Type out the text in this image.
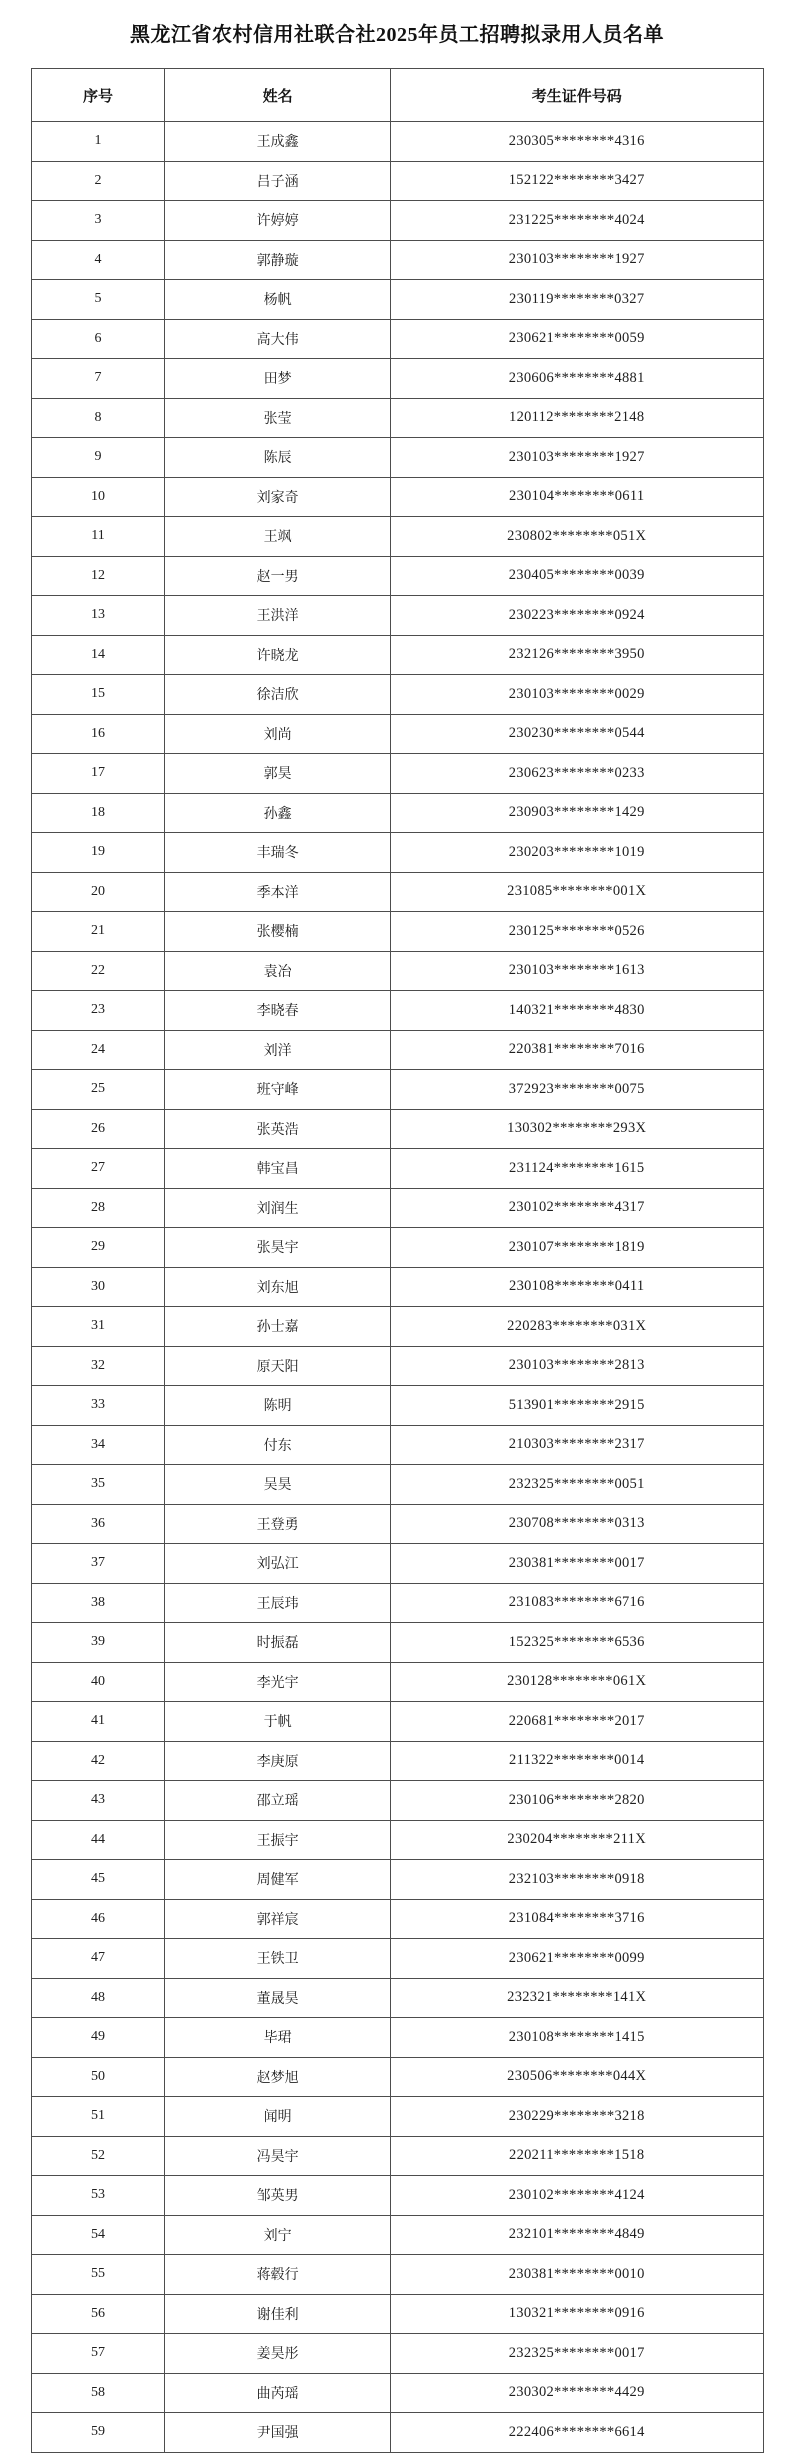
黑龙江省农村信用社联合社2025年员工招聘拟录用人员名单
序号	姓名	考生证件号码
1	王成鑫	230305********4316
2	吕子涵	152122********3427
3	许婷婷	231225********4024
4	郭静璇	230103********1927
5	杨帆	230119********0327
6	高大伟	230621********0059
7	田梦	230606********4881
8	张莹	120112********2148
9	陈辰	230103********1927
10	刘家奇	230104********0611
11	王飒	230802********051X
12	赵一男	230405********0039
13	王洪洋	230223********0924
14	许晓龙	232126********3950
15	徐洁欣	230103********0029
16	刘尚	230230********0544
17	郭昊	230623********0233
18	孙鑫	230903********1429
19	丰瑞冬	230203********1019
20	季本洋	231085********001X
21	张樱楠	230125********0526
22	袁冶	230103********1613
23	李晓春	140321********4830
24	刘洋	220381********7016
25	班守峰	372923********0075
26	张英浩	130302********293X
27	韩宝昌	231124********1615
28	刘润生	230102********4317
29	张昊宇	230107********1819
30	刘东旭	230108********0411
31	孙士嘉	220283********031X
32	原天阳	230103********2813
33	陈明	513901********2915
34	付东	210303********2317
35	吴昊	232325********0051
36	王登勇	230708********0313
37	刘弘江	230381********0017
38	王辰玮	231083********6716
39	时振磊	152325********6536
40	李光宇	230128********061X
41	于帆	220681********2017
42	李庚原	211322********0014
43	邵立瑶	230106********2820
44	王振宇	230204********211X
45	周健军	232103********0918
46	郭祥宸	231084********3716
47	王铁卫	230621********0099
48	董晟昊	232321********141X
49	毕珺	230108********1415
50	赵梦旭	230506********044X
51	闻明	230229********3218
52	冯昊宇	220211********1518
53	邹英男	230102********4124
54	刘宁	232101********4849
55	蒋毂行	230381********0010
56	谢佳利	130321********0916
57	姜昊彤	232325********0017
58	曲芮瑶	230302********4429
59	尹国强	222406********6614
